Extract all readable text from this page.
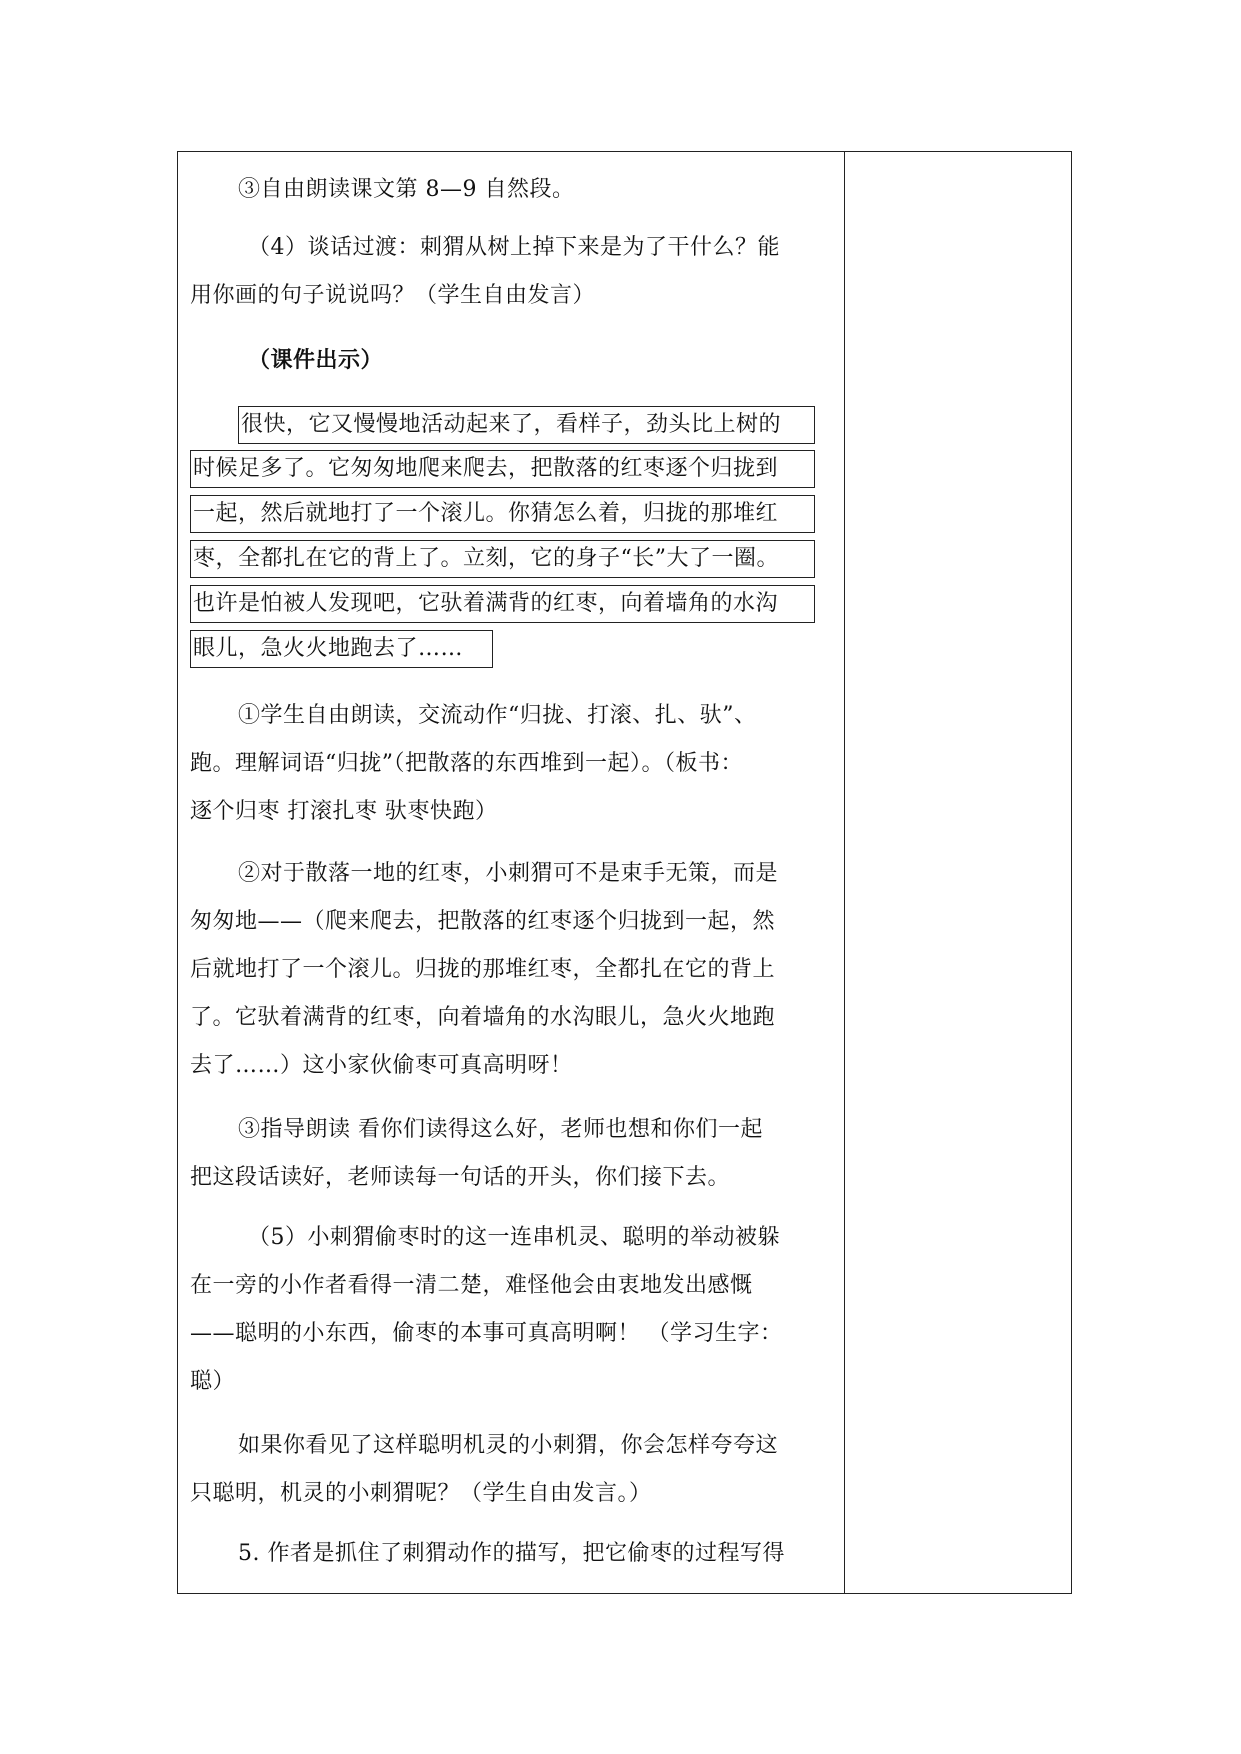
③自由朗读课文第 8—9 自然段。
（4）谈话过渡：刺猬从树上掉下来是为了干什么？能
用你画的句子说说吗？（学生自由发言）
（课件出示）
很快，它又慢慢地活动起来了，看样子，劲头比上树的
时候足多了。它匆匆地爬来爬去，把散落的红枣逐个归拢到
一起，然后就地打了一个滚儿。你猜怎么着，归拢的那堆红
枣，全都扎在它的背上了。立刻，它的身子“长”大了一圈。
也许是怕被人发现吧，它驮着满背的红枣，向着墙角的水沟
眼儿，急火火地跑去了……
①学生自由朗读，交流动作“归拢、打滚、扎、驮”、
跑。理解词语“归拢”（把散落的东西堆到一起）。（板书：
逐个归枣 打滚扎枣 驮枣快跑）
②对于散落一地的红枣，小刺猬可不是束手无策，而是
匆匆地——（爬来爬去，把散落的红枣逐个归拢到一起，然
后就地打了一个滚儿。归拢的那堆红枣，全都扎在它的背上
了。它驮着满背的红枣，向着墙角的水沟眼儿，急火火地跑
去了……）这小家伙偷枣可真高明呀！
③指导朗读 看你们读得这么好，老师也想和你们一起
把这段话读好，老师读每一句话的开头，你们接下去。
（5）小刺猬偷枣时的这一连串机灵、聪明的举动被躲
在一旁的小作者看得一清二楚，难怪他会由衷地发出感慨
——聪明的小东西，偷枣的本事可真高明啊！ （学习生字：
聪）
如果你看见了这样聪明机灵的小刺猬，你会怎样夸夸这
只聪明，机灵的小刺猬呢？（学生自由发言。）
5. 作者是抓住了刺猬动作的描写，把它偷枣的过程写得
